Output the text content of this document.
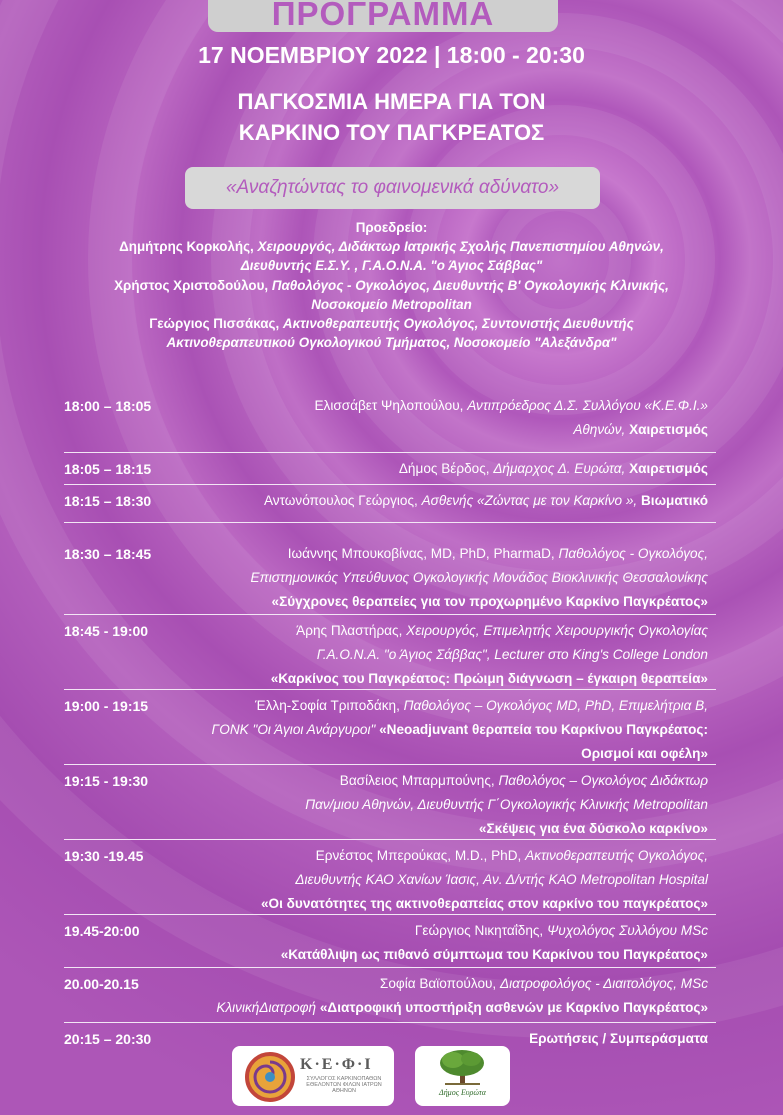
ΠΡΟΓΡΑΜΜΑ
17 ΝΟΕΜΒΡΙΟΥ 2022 | 18:00 - 20:30
ΠΑΓΚΟΣΜΙΑ ΗΜΕΡΑ ΓΙΑ ΤΟΝ
ΚΑΡΚΙΝΟ ΤΟΥ ΠΑΓΚΡΕΑΤΟΣ
«Αναζητώντας το φαινομενικά αδύνατο»
Προεδρείο:
Δημήτρης Κορκολής, Χειρουργός, Διδάκτωρ Ιατρικής Σχολής Πανεπιστημίου Αθηνών,
Διευθυντής Ε.Σ.Υ. , Γ.Α.Ο.Ν.Α. "ο Άγιος Σάββας"
Χρήστος Χριστοδούλου, Παθολόγος - Ογκολόγος, Διευθυντής Β' Ογκολογικής Κλινικής,
Νοσοκομείο Metropolitan
Γεώργιος Πισσάκας, Ακτινοθεραπευτής Ογκολόγος, Συντονιστής Διευθυντής
Ακτινοθεραπευτικού Ογκολογικού Τμήματος, Νοσοκομείο "Αλεξάνδρα"
18:00 – 18:05	Ελισσάβετ Ψηλοπούλου, Αντιπρόεδρος Δ.Σ. Συλλόγου «Κ.Ε.Φ.Ι.»
Αθηνών, Χαιρετισμός
18:05 – 18:15	Δήμος Βέρδος, Δήμαρχος Δ. Ευρώτα, Χαιρετισμός
18:15 – 18:30	Αντωνόπουλος Γεώργιος, Ασθενής «Ζώντας με τον Καρκίνο », Βιωματικό
18:30 – 18:45	Ιωάννης Μπουκοβίνας, MD, PhD, PharmaD, Παθολόγος - Ογκολόγος,
Επιστημονικός Υπεύθυνος Ογκολογικής Μονάδος Βιοκλινικής Θεσσαλονίκης
«Σύγχρονες θεραπείες για τον προχωρημένο Καρκίνο Παγκρέατος»
18:45 - 19:00	Άρης Πλαστήρας, Χειρουργός, Επιμελητής Χειρουργικής Ογκολογίας
Γ.Α.Ο.Ν.Α. "ο Άγιος Σάββας", Lecturer στο King's College London
«Καρκίνος του Παγκρέατος: Πρώιμη διάγνωση – έγκαιρη θεραπεία»
19:00 - 19:15	Έλλη-Σοφία Τριποδάκη, Παθολόγος – Ογκολόγος MD, PhD, Επιμελήτρια Β,
ΓΟΝΚ "Οι Άγιοι Ανάργυροι" «Neoadjuvant θεραπεία του Καρκίνου Παγκρέατος:
Ορισμοί και οφέλη»
19:15 - 19:30	Βασίλειος Μπαρμπούνης, Παθολόγος – Ογκολόγος Διδάκτωρ
Παν/μιου Αθηνών, Διευθυντής Γ΄Ογκολογικής Κλινικής Metropolitan
«Σκέψεις για ένα δύσκολο καρκίνο»
19:30 -19.45	Ερνέστος Μπερούκας, M.D., PhD, Ακτινοθεραπευτής Ογκολόγος,
Διευθυντής ΚΑΟ Χανίων Ίασις, Αν. Δ/ντής ΚΑΟ Metropolitan Hospital
«Οι δυνατότητες της ακτινοθεραπείας στον καρκίνο του παγκρέατος»
19.45-20:00	Γεώργιος Νικηταΐδης, Ψυχολόγος Συλλόγου MSc
«Κατάθλιψη ως πιθανό σύμπτωμα του Καρκίνου του Παγκρέατος»
20.00-20.15	Σοφία Βαϊοπούλου, Διατροφολόγος - Διαιτολόγος, MSc
ΚλινικήΔιατροφή «Διατροφική υποστήριξη ασθενών με Καρκίνο Παγκρέατος»
20:15 – 20:30	Ερωτήσεις / Συμπεράσματα
Κ·Ε·Φ·Ι
ΣΥΛΛΟΓΟΣ ΚΑΡΚΙΝΟΠΑΘΩΝ ΕΘΕΛΟΝΤΩΝ ΦΙΛΩΝ ΙΑΤΡΩΝ ΑΘΗΝΩΝ	Δήμος Ευρώτα
